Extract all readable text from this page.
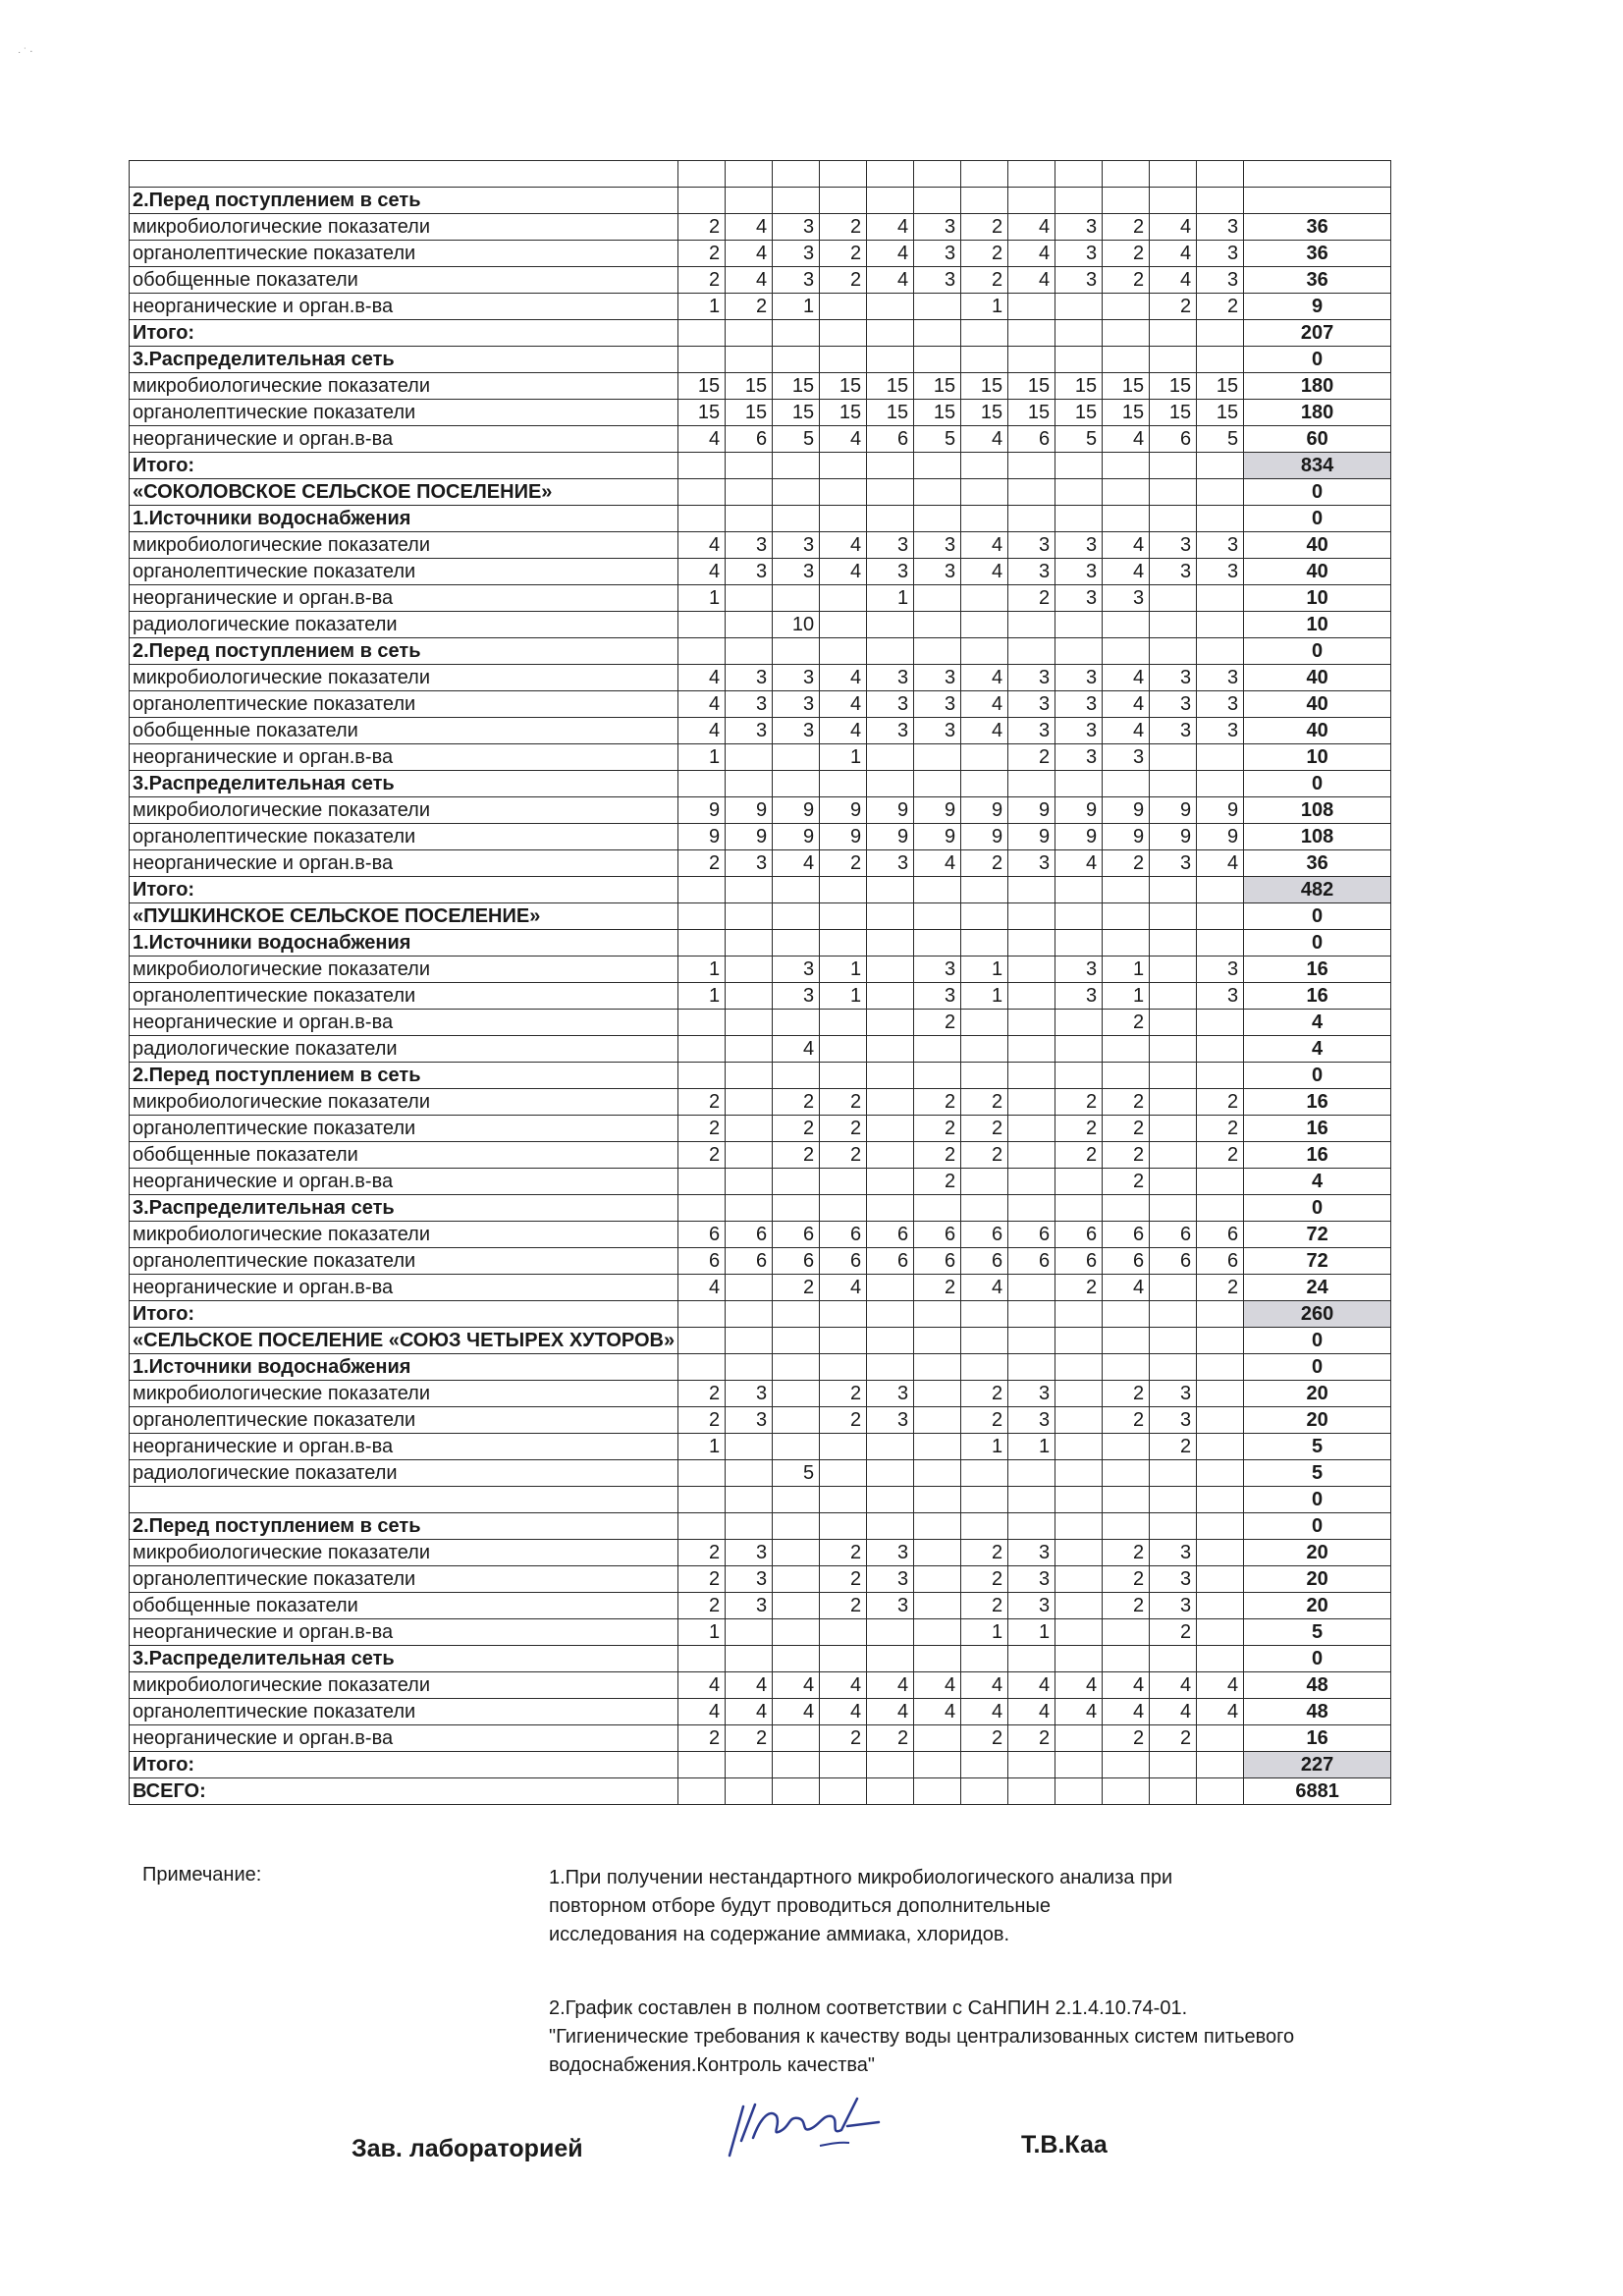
· ˙ ‧

2.Перед поступлением в сеть													
микробиологические показатели	2	4	3	2	4	3	2	4	3	2	4	3	36
органолептические показатели	2	4	3	2	4	3	2	4	3	2	4	3	36
обобщенные показатели	2	4	3	2	4	3	2	4	3	2	4	3	36
неорганические и орган.в-ва	1	2	1				1				2	2	9
Итого:													207
3.Распределительная сеть													0
микробиологические показатели	15	15	15	15	15	15	15	15	15	15	15	15	180
органолептические показатели	15	15	15	15	15	15	15	15	15	15	15	15	180
неорганические и орган.в-ва	4	6	5	4	6	5	4	6	5	4	6	5	60
Итого:													834
«СОКОЛОВСКОЕ СЕЛЬСКОЕ ПОСЕЛЕНИЕ»													0
1.Источники водоснабжения													0
микробиологические показатели	4	3	3	4	3	3	4	3	3	4	3	3	40
органолептические показатели	4	3	3	4	3	3	4	3	3	4	3	3	40
неорганические и орган.в-ва	1				1			2	3	3			10
радиологические показатели			10										10
2.Перед поступлением в сеть													0
микробиологические показатели	4	3	3	4	3	3	4	3	3	4	3	3	40
органолептические показатели	4	3	3	4	3	3	4	3	3	4	3	3	40
обобщенные показатели	4	3	3	4	3	3	4	3	3	4	3	3	40
неорганические и орган.в-ва	1			1				2	3	3			10
3.Распределительная сеть													0
микробиологические показатели	9	9	9	9	9	9	9	9	9	9	9	9	108
органолептические показатели	9	9	9	9	9	9	9	9	9	9	9	9	108
неорганические и орган.в-ва	2	3	4	2	3	4	2	3	4	2	3	4	36
Итого:													482
«ПУШКИНСКОЕ СЕЛЬСКОЕ ПОСЕЛЕНИЕ»													0
1.Источники водоснабжения													0
микробиологические показатели	1		3	1		3	1		3	1		3	16
органолептические показатели	1		3	1		3	1		3	1		3	16
неорганические и орган.в-ва						2				2			4
радиологические показатели			4										4
2.Перед поступлением в сеть													0
микробиологические показатели	2		2	2		2	2		2	2		2	16
органолептические показатели	2		2	2		2	2		2	2		2	16
обобщенные показатели	2		2	2		2	2		2	2		2	16
неорганические и орган.в-ва						2				2			4
3.Распределительная сеть													0
микробиологические показатели	6	6	6	6	6	6	6	6	6	6	6	6	72
органолептические показатели	6	6	6	6	6	6	6	6	6	6	6	6	72
неорганические и орган.в-ва	4		2	4		2	4		2	4		2	24
Итого:													260
«СЕЛЬСКОЕ ПОСЕЛЕНИЕ «СОЮЗ ЧЕТЫРЕХ ХУТОРОВ»													0
1.Источники водоснабжения													0
микробиологические показатели	2	3		2	3		2	3		2	3		20
органолептические показатели	2	3		2	3		2	3		2	3		20
неорганические и орган.в-ва	1						1	1			2		5
радиологические показатели			5										5
													0
2.Перед поступлением в сеть													0
микробиологические показатели	2	3		2	3		2	3		2	3		20
органолептические показатели	2	3		2	3		2	3		2	3		20
обобщенные показатели	2	3		2	3		2	3		2	3		20
неорганические и орган.в-ва	1						1	1			2		5
3.Распределительная сеть													0
микробиологические показатели	4	4	4	4	4	4	4	4	4	4	4	4	48
органолептические показатели	4	4	4	4	4	4	4	4	4	4	4	4	48
неорганические и орган.в-ва	2	2		2	2		2	2		2	2		16
Итого:													227
ВСЕГО:													6881
Примечание:	1.При получении нестандартного микробиологического анализа при повторном отборе будут проводиться дополнительные исследования на содержание аммиака, хлоридов.
2.График составлен в полном соответствии с СаНПИН 2.1.4.10.74-01. "Гигиенические требования к качеству воды централизованных систем питьевого водоснабжения.Контроль качества"
Зав. лабораторией	Т.В.Каа
